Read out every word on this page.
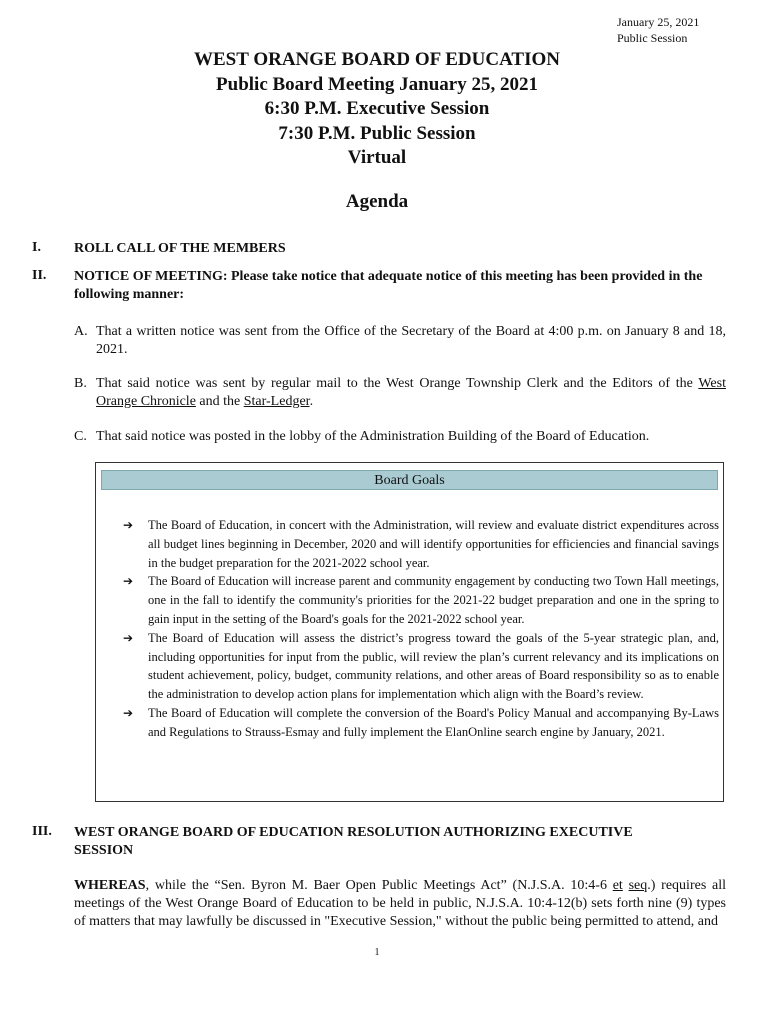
January 25, 2021
Public Session
WEST ORANGE BOARD OF EDUCATION
Public Board Meeting January 25, 2021
6:30 P.M. Executive Session
7:30 P.M. Public Session
Virtual
Agenda
I. ROLL CALL OF THE MEMBERS
II. NOTICE OF MEETING: Please take notice that adequate notice of this meeting has been provided in the following manner:
A. That a written notice was sent from the Office of the Secretary of the Board at 4:00 p.m. on January 8 and 18, 2021.
B. That said notice was sent by regular mail to the West Orange Township Clerk and the Editors of the West Orange Chronicle and the Star-Ledger.
C. That said notice was posted in the lobby of the Administration Building of the Board of Education.
Board Goals
➔ The Board of Education, in concert with the Administration, will review and evaluate district expenditures across all budget lines beginning in December, 2020 and will identify opportunities for efficiencies and financial savings in the budget preparation for the 2021-2022 school year.
➔ The Board of Education will increase parent and community engagement by conducting two Town Hall meetings, one in the fall to identify the community's priorities for the 2021-22 budget preparation and one in the spring to gain input in the setting of the Board's goals for the 2021-2022 school year.
➔ The Board of Education will assess the district’s progress toward the goals of the 5-year strategic plan, and, including opportunities for input from the public, will review the plan’s current relevancy and its implications on student achievement, policy, budget, community relations, and other areas of Board responsibility so as to enable the administration to develop action plans for implementation which align with the Board’s review.
➔ The Board of Education will complete the conversion of the Board's Policy Manual and accompanying By-Laws and Regulations to Strauss-Esmay and fully implement the ElanOnline search engine by January, 2021.
III. WEST ORANGE BOARD OF EDUCATION RESOLUTION AUTHORIZING EXECUTIVE SESSION
WHEREAS, while the “Sen. Byron M. Baer Open Public Meetings Act” (N.J.S.A. 10:4-6 et seq.) requires all meetings of the West Orange Board of Education to be held in public, N.J.S.A. 10:4-12(b) sets forth nine (9) types of matters that may lawfully be discussed in "Executive Session," without the public being permitted to attend, and
1
